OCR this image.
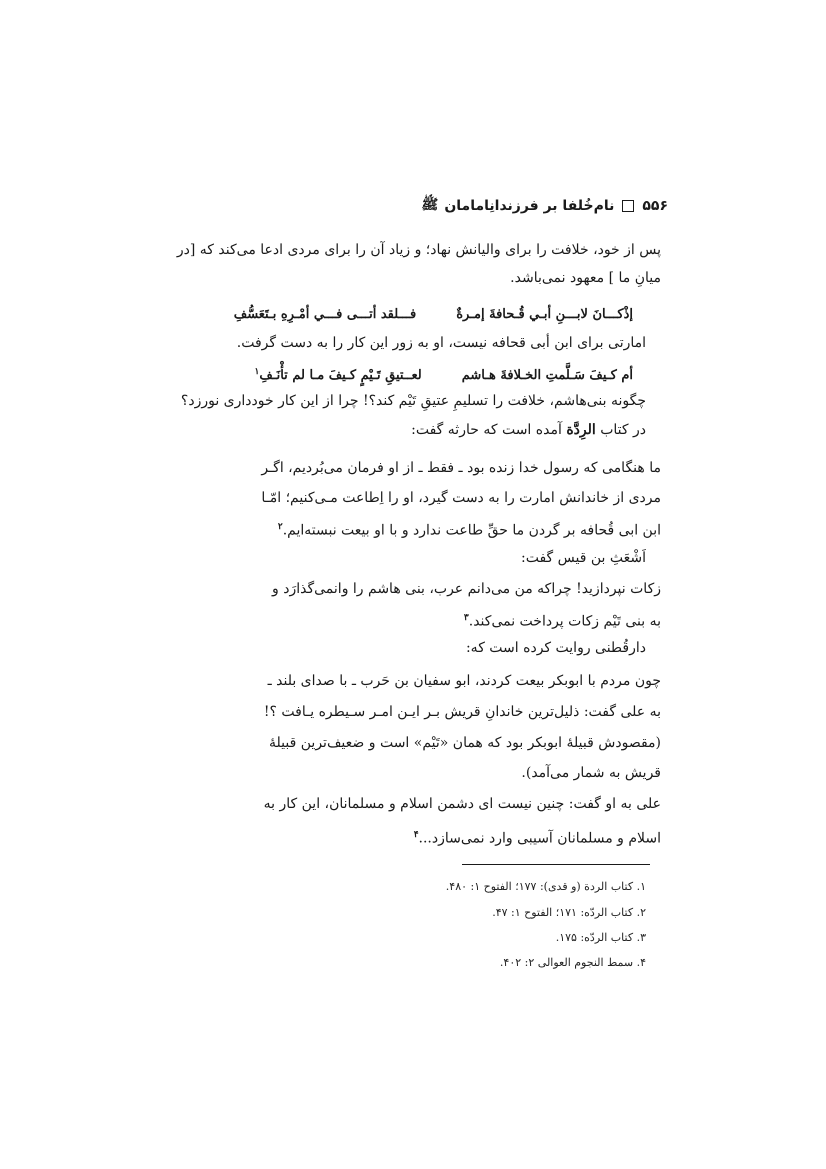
۵۵۶
نام‌خُلفا بر فرزندانِامامان
ﷺ
پس از خود، خلافت را برای والیانش نهاد؛ و زیاد آن را برای مردی ادعا می‌کند که [در
میانِ ما ] معهود نمی‌باشد.
إذْكـــانَ لابـــنِ أبـي قُـحافةَ إمـرةٌفـــلقد أتـــى فـــي أمْـرِهِ بـتَعَسُّفِ
امارتی برای ابن أبی قحافه نیست، او به زور این کار را به دست گرفت.
أم كـيفَ سَـلَّمتِ الخـلافةَ هـاشملعــتيقِ تَـيْمٍ كـيفَ مـا لم تأْنَـفِ$^۱$
چگونه بنی‌هاشم، خلافت را تسلیمِ عتیقِ تَیْم کند؟! چرا از این کار خودداری نورزد؟
در کتاب الرِدَّة آمده است که حارثه گفت:
ما هنگامی که رسول خدا زنده بود ـ فقط ـ از او فرمان می‌بُردیم، اگـر
مردی از خاندانش امارت را به دست گیرد، او را اِطاعت مـی‌کنیم؛ امّـا
ابن ابی قُحافه بر گردن ما حقِّ طاعت ندارد و با او بیعت نبسته‌ایم.$^۲$
اَشْعَثِ بن قیس گفت:
زکات نپردازید! چراکه من می‌دانم عرب، بنی هاشم را وانمی‌گذارَد و
به بنی تَیْم زکات پرداخت نمی‌کند.$^۳$
دارقُطنی روایت کرده است که:
چون مردم با ابوبکر بیعت کردند، ابو سفیان بن حَرب ـ با صدای بلند ـ
به علی گفت: ذلیل‌ترین خاندانِ قریش بـر ایـن امـر سـیطره یـافت ؟!
(مقصودش قبیلهٔ ابوبکر بود که همان «تَیْم» است و ضعیف‌ترین قبیلهٔ
قریش به شمار می‌آمد).
علی به او گفت: چنین نیست ای دشمن اسلام و مسلمانان، این کار به
اسلام و مسلمانان آسیبی وارد نمی‌سازد...$^۴$
۱. کتاب الردة (و قدی): ۱۷۷؛ الفتوح ۱: ۴۸۰.
۲. کتاب الردّه: ۱۷۱؛ الفتوح ۱: ۴۷.
۳. کتاب الردّه: ۱۷۵.
۴. سمط النجوم العوالی ۲: ۴۰۲.
